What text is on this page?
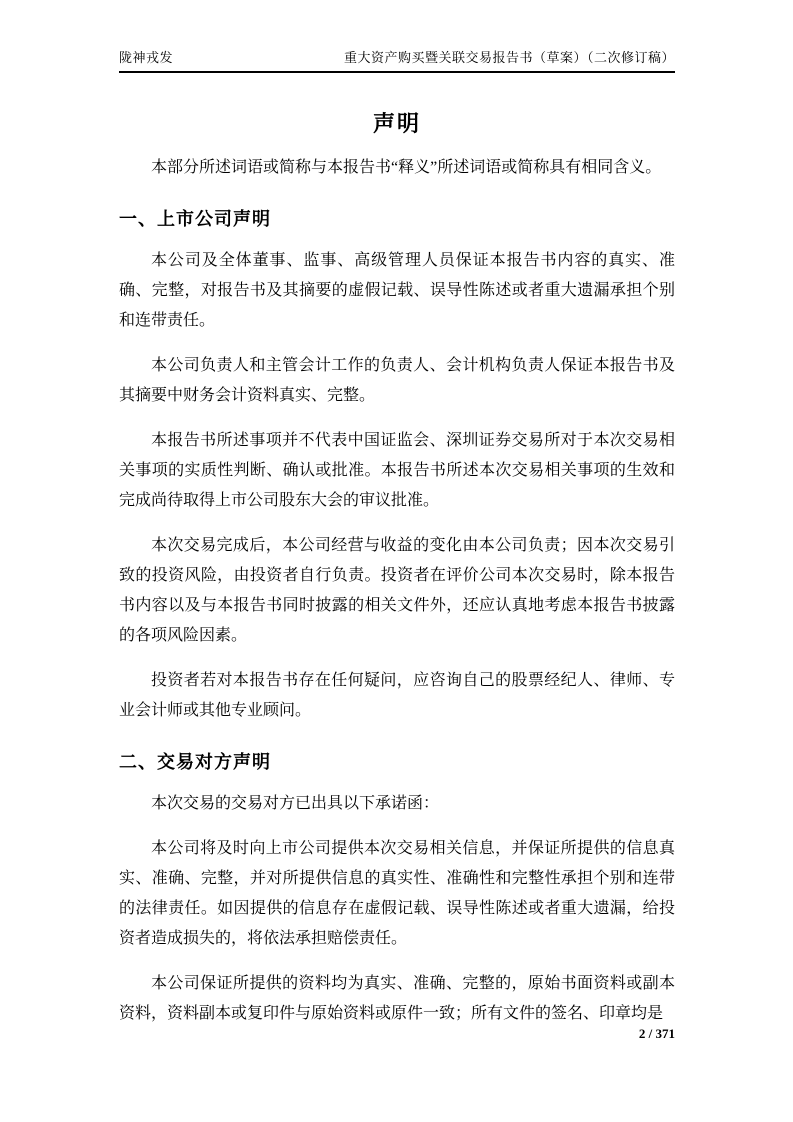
陇神戎发	重大资产购买暨关联交易报告书（草案）（二次修订稿）
声明

本部分所述词语或简称与本报告书“释义”所述词语或简称具有相同含义。

一、上市公司声明

本公司及全体董事、监事、高级管理人员保证本报告书内容的真实、准确、完整，对报告书及其摘要的虚假记载、误导性陈述或者重大遗漏承担个别和连带责任。

本公司负责人和主管会计工作的负责人、会计机构负责人保证本报告书及其摘要中财务会计资料真实、完整。

本报告书所述事项并不代表中国证监会、深圳证券交易所对于本次交易相关事项的实质性判断、确认或批准。本报告书所述本次交易相关事项的生效和完成尚待取得上市公司股东大会的审议批准。

本次交易完成后，本公司经营与收益的变化由本公司负责；因本次交易引致的投资风险，由投资者自行负责。投资者在评价公司本次交易时，除本报告书内容以及与本报告书同时披露的相关文件外，还应认真地考虑本报告书披露的各项风险因素。

投资者若对本报告书存在任何疑问，应咨询自己的股票经纪人、律师、专业会计师或其他专业顾问。

二、交易对方声明

本次交易的交易对方已出具以下承诺函：

本公司将及时向上市公司提供本次交易相关信息，并保证所提供的信息真实、准确、完整，并对所提供信息的真实性、准确性和完整性承担个别和连带的法律责任。如因提供的信息存在虚假记载、误导性陈述或者重大遗漏，给投资者造成损失的，将依法承担赔偿责任。

本公司保证所提供的资料均为真实、准确、完整的，原始书面资料或副本资料，资料副本或复印件与原始资料或原件一致；所有文件的签名、印章均是

2 / 371
